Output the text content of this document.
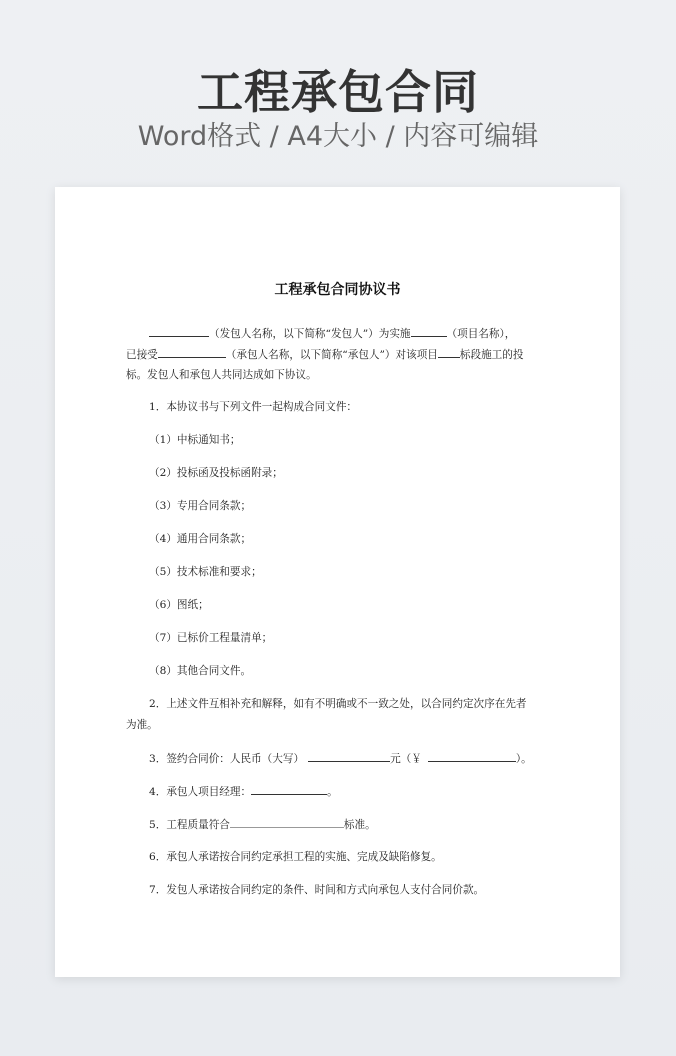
工程承包合同
Word格式 / A4大小 / 内容可编辑
工程承包合同协议书
（发包人名称，以下简称“发包人”）为实施	（项目名称），
已接受	（承包人名称，以下简称“承包人”）对该项目 标段施工的投
标。发包人和承包人共同达成如下协议。
1．本协议书与下列文件一起构成合同文件：
（1）中标通知书；
（2）投标函及投标函附录；
（3）专用合同条款；
（4）通用合同条款；
（5）技术标准和要求；
（6）图纸；
（7）已标价工程量清单；
（8）其他合同文件。
2．上述文件互相补充和解释，如有不明确或不一致之处，以合同约定次序在先者
为准。
3．签约合同价：人民币（大写）	元（￥	）。
4．承包人项目经理：	。
5．工程质量符合	标准。
6．承包人承诺按合同约定承担工程的实施、完成及缺陷修复。
7．发包人承诺按合同约定的条件、时间和方式向承包人支付合同价款。
